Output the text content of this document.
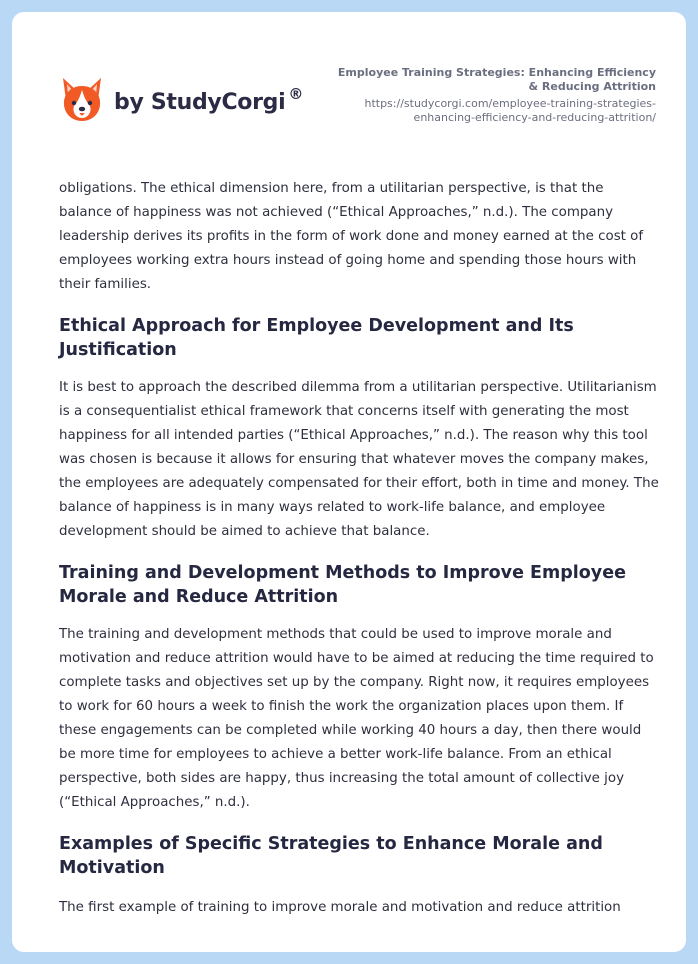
by StudyCorgi ®
Employee Training Strategies: Enhancing Efficiency & Reducing Attrition
https://studycorgi.com/employee-training-strategies-enhancing-efficiency-and-reducing-attrition/

obligations. The ethical dimension here, from a utilitarian perspective, is that the balance of happiness was not achieved (“Ethical Approaches,” n.d.). The company leadership derives its profits in the form of work done and money earned at the cost of employees working extra hours instead of going home and spending those hours with their families.

Ethical Approach for Employee Development and Its Justification

It is best to approach the described dilemma from a utilitarian perspective. Utilitarianism is a consequentialist ethical framework that concerns itself with generating the most happiness for all intended parties (“Ethical Approaches,” n.d.). The reason why this tool was chosen is because it allows for ensuring that whatever moves the company makes, the employees are adequately compensated for their effort, both in time and money. The balance of happiness is in many ways related to work-life balance, and employee development should be aimed to achieve that balance.

Training and Development Methods to Improve Employee Morale and Reduce Attrition

The training and development methods that could be used to improve morale and motivation and reduce attrition would have to be aimed at reducing the time required to complete tasks and objectives set up by the company. Right now, it requires employees to work for 60 hours a week to finish the work the organization places upon them. If these engagements can be completed while working 40 hours a day, then there would be more time for employees to achieve a better work-life balance. From an ethical perspective, both sides are happy, thus increasing the total amount of collective joy (“Ethical Approaches,” n.d.).

Examples of Specific Strategies to Enhance Morale and Motivation

The first example of training to improve morale and motivation and reduce attrition
